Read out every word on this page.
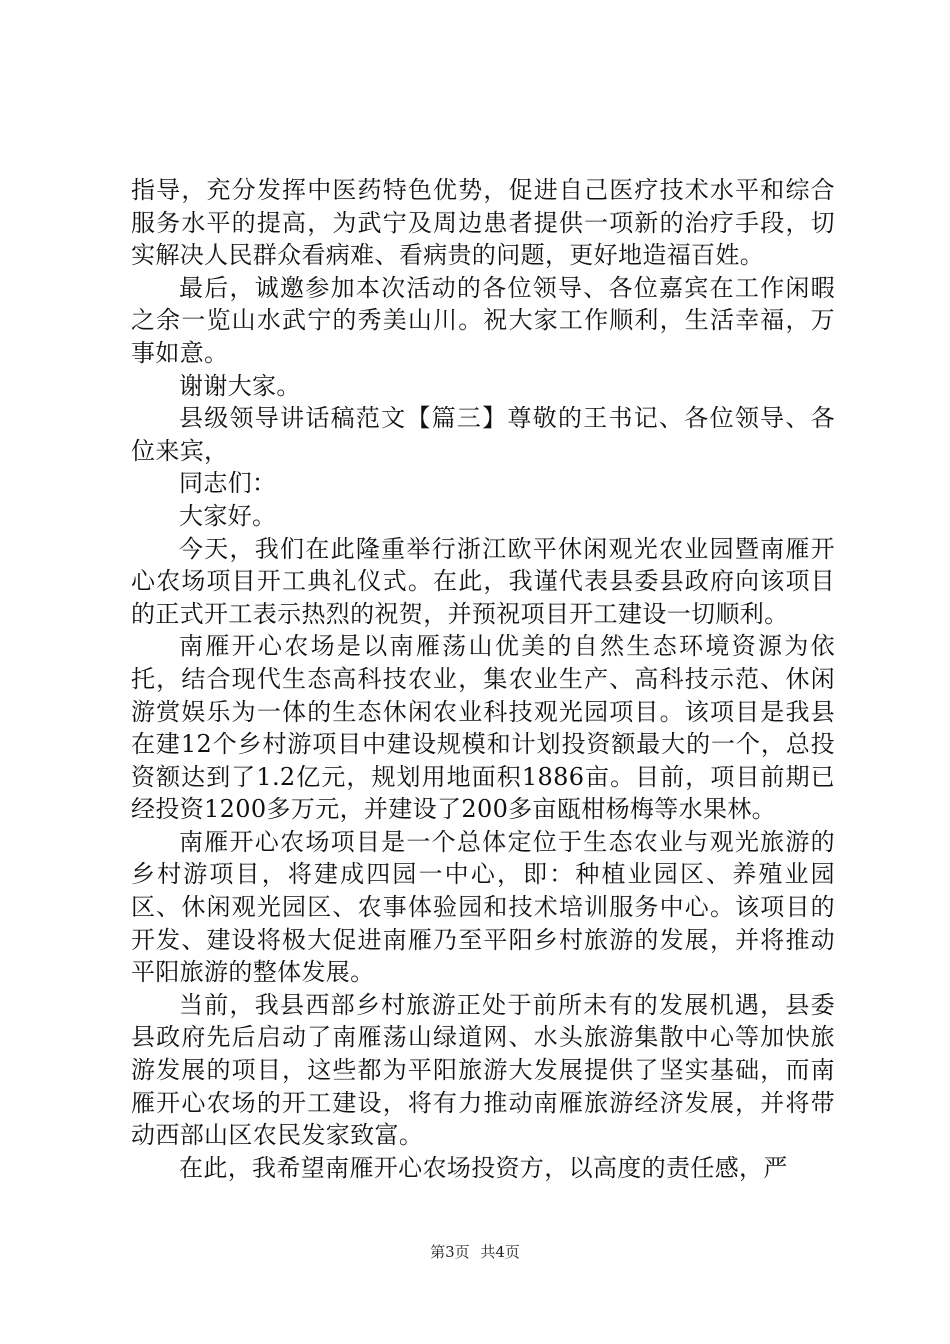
指导，充分发挥中医药特色优势，促进自己医疗技术水平和综合服务水平的提高，为武宁及周边患者提供一项新的治疗手段，切实解决人民群众看病难、看病贵的问题，更好地造福百姓。

最后，诚邀参加本次活动的各位领导、各位嘉宾在工作闲暇之余一览山水武宁的秀美山川。祝大家工作顺利，生活幸福，万事如意。

谢谢大家。

县级领导讲话稿范文【篇三】尊敬的王书记、各位领导、各位来宾，

同志们：

大家好。

今天，我们在此隆重举行浙江欧平休闲观光农业园暨南雁开心农场项目开工典礼仪式。在此，我谨代表县委县政府向该项目的正式开工表示热烈的祝贺，并预祝项目开工建设一切顺利。

南雁开心农场是以南雁荡山优美的自然生态环境资源为依托，结合现代生态高科技农业，集农业生产、高科技示范、休闲游赏娱乐为一体的生态休闲农业科技观光园项目。该项目是我县在建12个乡村游项目中建设规模和计划投资额最大的一个，总投资额达到了1.2亿元，规划用地面积1886亩。目前，项目前期已经投资1200多万元，并建设了200多亩瓯柑杨梅等水果林。

南雁开心农场项目是一个总体定位于生态农业与观光旅游的乡村游项目，将建成四园一中心，即：种植业园区、养殖业园区、休闲观光园区、农事体验园和技术培训服务中心。该项目的开发、建设将极大促进南雁乃至平阳乡村旅游的发展，并将推动平阳旅游的整体发展。

当前，我县西部乡村旅游正处于前所未有的发展机遇，县委县政府先后启动了南雁荡山绿道网、水头旅游集散中心等加快旅游发展的项目，这些都为平阳旅游大发展提供了坚实基础，而南雁开心农场的开工建设，将有力推动南雁旅游经济发展，并将带动西部山区农民发家致富。

在此，我希望南雁开心农场投资方，以高度的责任感，严

第3页 共4页
